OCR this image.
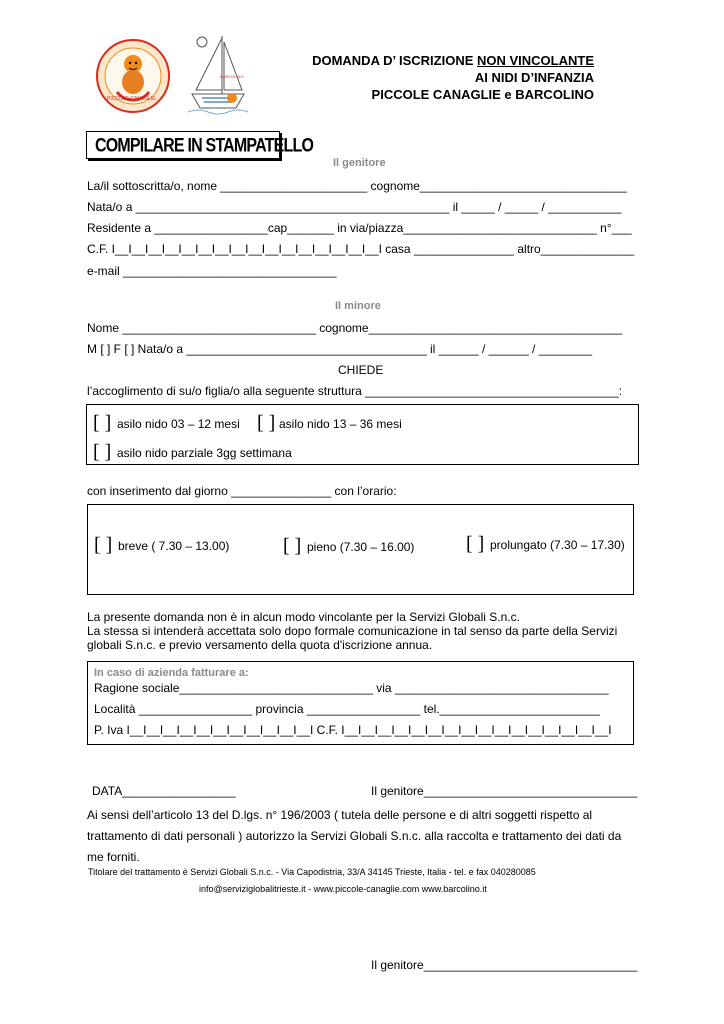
PICCOLE CANAGLIE
BARCOLINO
DOMANDA D’ ISCRIZIONE NON VINCOLANTE
AI NIDI D’INFANZIA
PICCOLE CANAGLIE e BARCOLINO
COMPILARE IN STAMPATELLO
Il genitore
La/il sottoscritta/o, nome ______________________ cognome_______________________________
Nata/o a _______________________________________________ il _____ / _____ / ___________
Residente a _________________cap_______ in via/piazza_____________________________ n°___
C.F. I__I__I__I__I__I__I__I__I__I__I__I__I__I__I__I__I casa _______________ altro______________
e-mail ________________________________
Il minore
Nome _____________________________ cognome______________________________________
M [ ] F [ ] Nata/o a ____________________________________ il ______ / ______ / ________
CHIEDE
l’accoglimento di su/o figlia/o alla seguente struttura ______________________________________:
[ ] asilo nido 03 – 12 mesi [ ] asilo nido 13 – 36 mesi
[ ] asilo nido parziale 3gg settimana
con inserimento dal giorno _______________ con l’orario:
[ ] breve ( 7.30 – 13.00)	[ ] pieno (7.30 – 16.00)	[ ] prolungato (7.30 – 17.30)
La presente domanda non è in alcun modo vincolante per la Servizi Globali S.n.c.
La stessa si intenderà accettata solo dopo formale comunicazione in tal senso da parte della Servizi
globali S.n.c. e previo versamento della quota d'iscrizione annua.
In caso di azienda fatturare a:
Ragione sociale_____________________________ via ________________________________
Località _________________ provincia _________________ tel.________________________
P. Iva I__I__I__I__I__I__I__I__I__I__I__I C.F. I__I__I__I__I__I__I__I__I__I__I__I__I__I__I__I__I
DATA_________________	Il genitore________________________________
Ai sensi dell’articolo 13 del D.lgs. n° 196/2003 ( tutela delle persone e di altri soggetti rispetto al
trattamento di dati personali ) autorizzo la Servizi Globali S.n.c. alla raccolta e trattamento dei dati da
me forniti.
Titolare del trattamento è Servizi Globali S.n.c. - Via Capodistria, 33/A 34145 Trieste, Italia - tel. e fax 040280085
info@serviziglobalitrieste.it - www.piccole-canaglie.com www.barcolino.it
Il genitore________________________________
